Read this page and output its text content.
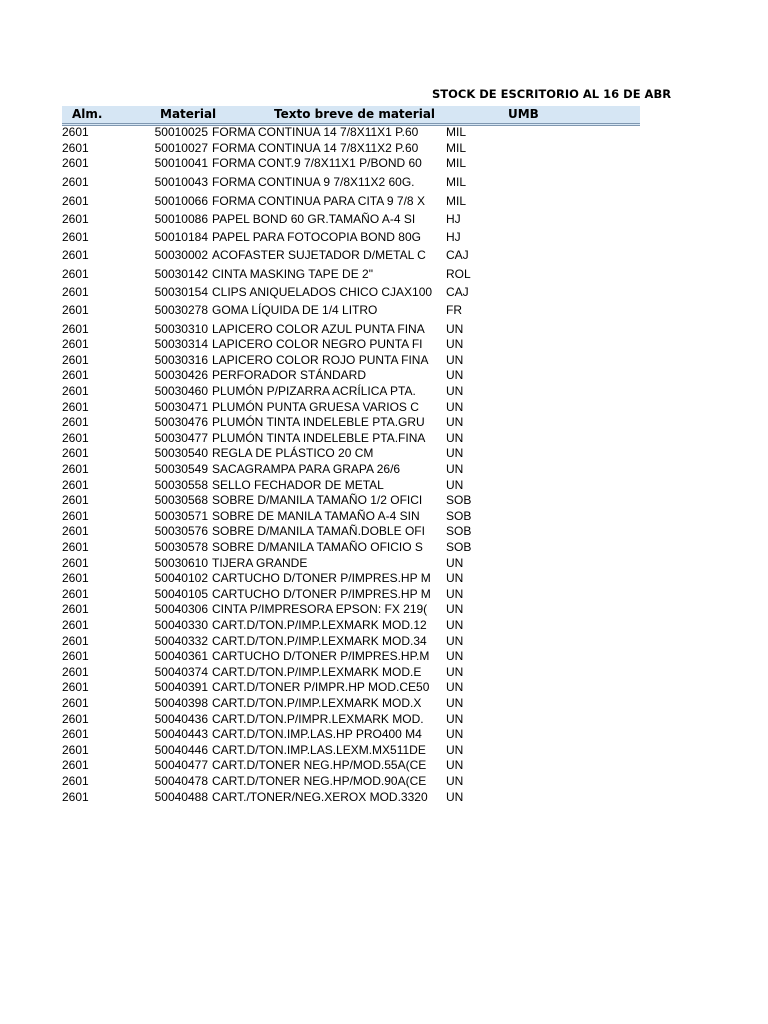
STOCK DE ESCRITORIO AL 16 DE ABR
Alm.	Material	Texto breve de material	UMB
2601	50010025 FORMA CONTINUA 14 7/8X11X1 P.60	MIL
2601	50010027 FORMA CONTINUA 14 7/8X11X2 P.60	MIL
2601	50010041 FORMA CONT.9 7/8X11X1 P/BOND 60	MIL
2601	50010043 FORMA CONTINUA 9 7/8X11X2 60G.	MIL
2601	50010066 FORMA CONTINUA PARA CITA 9 7/8 X	MIL
2601	50010086 PAPEL BOND 60 GR.TAMAÑO A-4 SI	HJ
2601	50010184 PAPEL PARA FOTOCOPIA BOND 80G	HJ
2601	50030002 ACOFASTER SUJETADOR D/METAL C	CAJ
2601	50030142 CINTA MASKING TAPE DE 2"	ROL
2601	50030154 CLIPS ANIQUELADOS CHICO CJAX100	CAJ
2601	50030278 GOMA LÍQUIDA DE 1/4 LITRO	FR
2601	50030310 LAPICERO COLOR AZUL PUNTA FINA	UN
2601	50030314 LAPICERO COLOR NEGRO PUNTA FI	UN
2601	50030316 LAPICERO COLOR ROJO PUNTA FINA	UN
2601	50030426 PERFORADOR STÁNDARD	UN
2601	50030460 PLUMÓN P/PIZARRA ACRÍLICA PTA.	UN
2601	50030471 PLUMÓN PUNTA GRUESA VARIOS C	UN
2601	50030476 PLUMÓN TINTA INDELEBLE PTA.GRU	UN
2601	50030477 PLUMÓN TINTA INDELEBLE PTA.FINA	UN
2601	50030540 REGLA DE PLÁSTICO 20 CM	UN
2601	50030549 SACAGRAMPA PARA GRAPA 26/6	UN
2601	50030558 SELLO FECHADOR DE METAL	UN
2601	50030568 SOBRE D/MANILA TAMAÑO 1/2 OFICI	SOB
2601	50030571 SOBRE DE MANILA TAMAÑO A-4 SIN	SOB
2601	50030576 SOBRE D/MANILA TAMAÑ.DOBLE OFI	SOB
2601	50030578 SOBRE D/MANILA TAMAÑO OFICIO S	SOB
2601	50030610 TIJERA GRANDE	UN
2601	50040102 CARTUCHO D/TONER P/IMPRES.HP M	UN
2601	50040105 CARTUCHO D/TONER P/IMPRES.HP M	UN
2601	50040306 CINTA P/IMPRESORA EPSON: FX 219(	UN
2601	50040330 CART.D/TON.P/IMP.LEXMARK MOD.12	UN
2601	50040332 CART.D/TON.P/IMP.LEXMARK MOD.34	UN
2601	50040361 CARTUCHO D/TONER P/IMPRES.HP.M	UN
2601	50040374 CART.D/TON.P/IMP.LEXMARK MOD.E	UN
2601	50040391 CART.D/TONER P/IMPR.HP MOD.CE50	UN
2601	50040398 CART.D/TON.P/IMP.LEXMARK MOD.X	UN
2601	50040436 CART.D/TON.P/IMPR.LEXMARK MOD.	UN
2601	50040443 CART.D/TON.IMP.LAS.HP PRO400 M4	UN
2601	50040446 CART.D/TON.IMP.LAS.LEXM.MX511DE	UN
2601	50040477 CART.D/TONER NEG.HP/MOD.55A(CE	UN
2601	50040478 CART.D/TONER NEG.HP/MOD.90A(CE	UN
2601	50040488 CART./TONER/NEG.XEROX MOD.3320	UN
